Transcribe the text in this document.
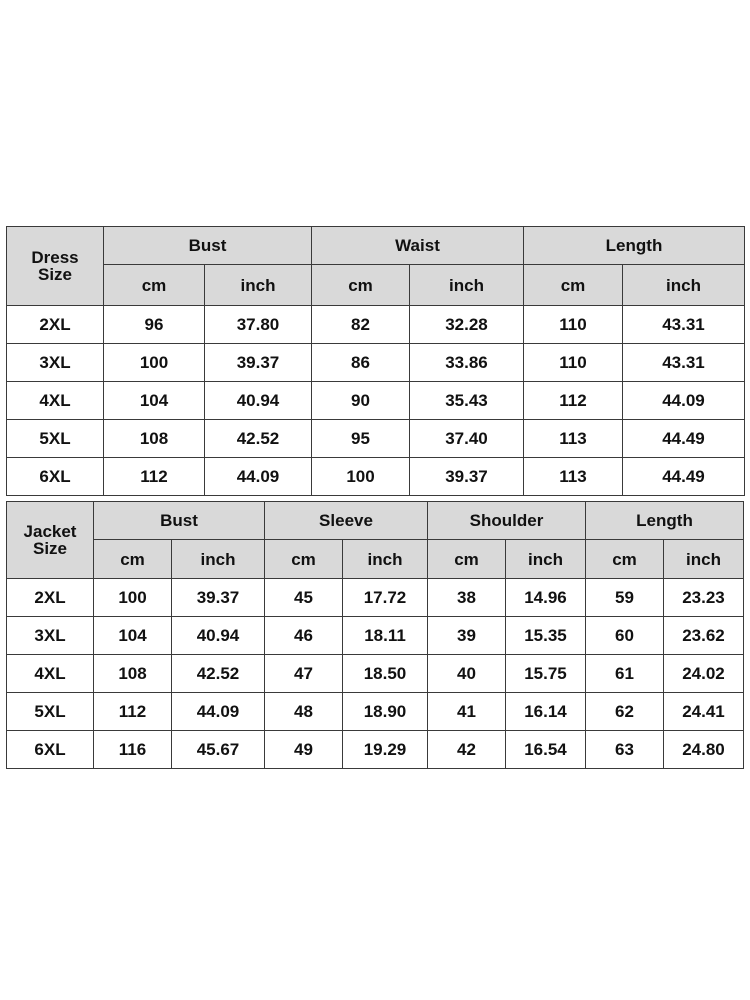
Dress
Size	Bust		Waist		Length	
	cm	inch	cm	inch	cm	inch
2XL	96	37.80	82	32.28	110	43.31
3XL	100	39.37	86	33.86	110	43.31
4XL	104	40.94	90	35.43	112	44.09
5XL	108	42.52	95	37.40	113	44.49
6XL	112	44.09	100	39.37	113	44.49
Jacket
Size	Bust		Sleeve		Shoulder		Length	
	cm	inch	cm	inch	cm	inch	cm	inch
2XL	100	39.37	45	17.72	38	14.96	59	23.23
3XL	104	40.94	46	18.11	39	15.35	60	23.62
4XL	108	42.52	47	18.50	40	15.75	61	24.02
5XL	112	44.09	48	18.90	41	16.14	62	24.41
6XL	116	45.67	49	19.29	42	16.54	63	24.80
